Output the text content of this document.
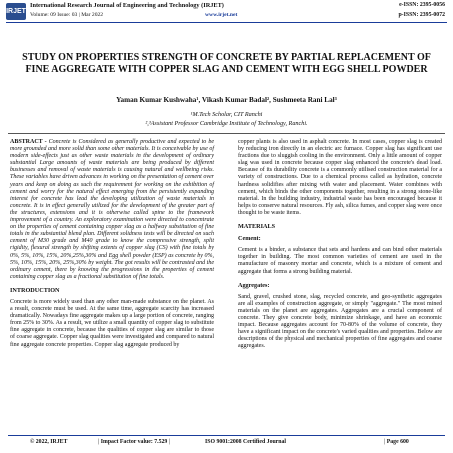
IRJET
International Research Journal of Engineering and Technology (IRJET)
Volume: 09 Issue: 03 | Mar 2022	www.irjet.net
e-ISSN: 2395-0056
p-ISSN: 2395-0072
STUDY ON PROPERTIES STRENGTH OF CONCRETE BY PARTIAL REPLACEMENT OF FINE AGGREGATE WITH COPPER SLAG AND CEMENT WITH EGG SHELL POWDER

Yaman Kumar Kushwaha¹, Vikash Kumar Badal², Sushmeeta Rani Lal³

¹M.Tech Scholar, CIT Ranchi

²,³Assistant Professor Cambridge Institute of Technology, Ranchi.

ABSTRACT - Concrete is Considered as generally productive and expected to be more grounded and more solid than some other materials. It is conceivable by use of modern side-effects just as other waste materials in the development of ordinary substantial Large amounts of waste materials are being produced by different businesses and removal of waste materials is causing natural and wellbeing risks. These variables have driven advances in working on the presentation of cement over years and keep on doing as such the requirement for working on the exhibition of cement and worry for the natural effect emerging from the persistently expanding interest for concrete has lead the developing utilization of waste materials in concrete. It is in effect generally utilized for the development of the greater part of the structures, extensions and it is otherwise called spine to the framework improvement of a country. An exploratory examination were directed to concentrate on the properties of cement containing copper slag as a halfway substitution of fine totals in the substantial blend plan. Different solidness tests will be directed on such cement of M30 grade and M40 grade to know the compressive strength, split rigidity, flexural strength by shifting extents of copper slag (CS) with fine totals by 0%, 5%, 10%, 15%, 20%,25%,30% and Egg shell powder (ESP) as concrete by 0%, 5%, 10%, 15%, 20%, 25%,30% by weight. The got results will be contrasted and the ordinary cement, there by knowing the progressions in the properties of cement containing copper slag as a fractional substitution of fine totals.

INTRODUCTION

Concrete is more widely used than any other man-made substance on the planet. As a result, concrete must be used. At the same time, aggregate scarcity has increased dramatically. Nowadays fine aggregate makes up a large portion of concrete, ranging from 25% to 30%. As a result, we utilize a small quantity of copper slag to substitute fine aggregate in concrete, because the qualities of copper slag are similar to those of coarse aggregate. Copper slag qualities were investigated and compared to natural fine aggregate concrete properties. Copper slag aggregate produced by

copper plants is also used in asphalt concrete. In most cases, copper slag is created by reducing iron directly in an electric arc furnace. Copper slag has significant use fractions due to sluggish cooling in the environment. Only a little amount of copper slag was used in concrete because copper slag enhanced the concrete's dead load. Because of its durability concrete is a commonly utilised construction material for a variety of constructions. Due to a chemical process called as hydration, concrete hardness solidifies after mixing with water and placement. Water combines with cement, which binds the other components together, resulting in a strong stone-like material. In the building industry, industrial waste has been encouraged because it helps to conserve natural resources. Fly ash, silica fumes, and copper slag were once thought to be waste items.

MATERIALS
Cement:

Cement is a binder, a substance that sets and hardens and can bind other materials together in building. The most common varieties of cement are used in the manufacture of masonry mortar and concrete, which is a mixture of cement and aggregate that forms a strong building material.

Aggregates:

Sand, gravel, crushed stone, slag, recycled concrete, and geo-synthetic aggregates are all examples of construction aggregate, or simply "aggregate." The most mined materials on the planet are aggregates. Aggregates are a crucial component of concrete. They give concrete body, minimize shrinkage, and have an economic impact. Because aggregates account for 70-80% of the volume of concrete, they have a significant impact on the concrete's varied qualities and properties. Below are descriptions of the physical and mechanical properties of fine aggregates and coarse aggregates.

© 2022, IRJET	| Impact Factor value: 7.529 |	ISO 9001:2008 Certified Journal	| Page 600
